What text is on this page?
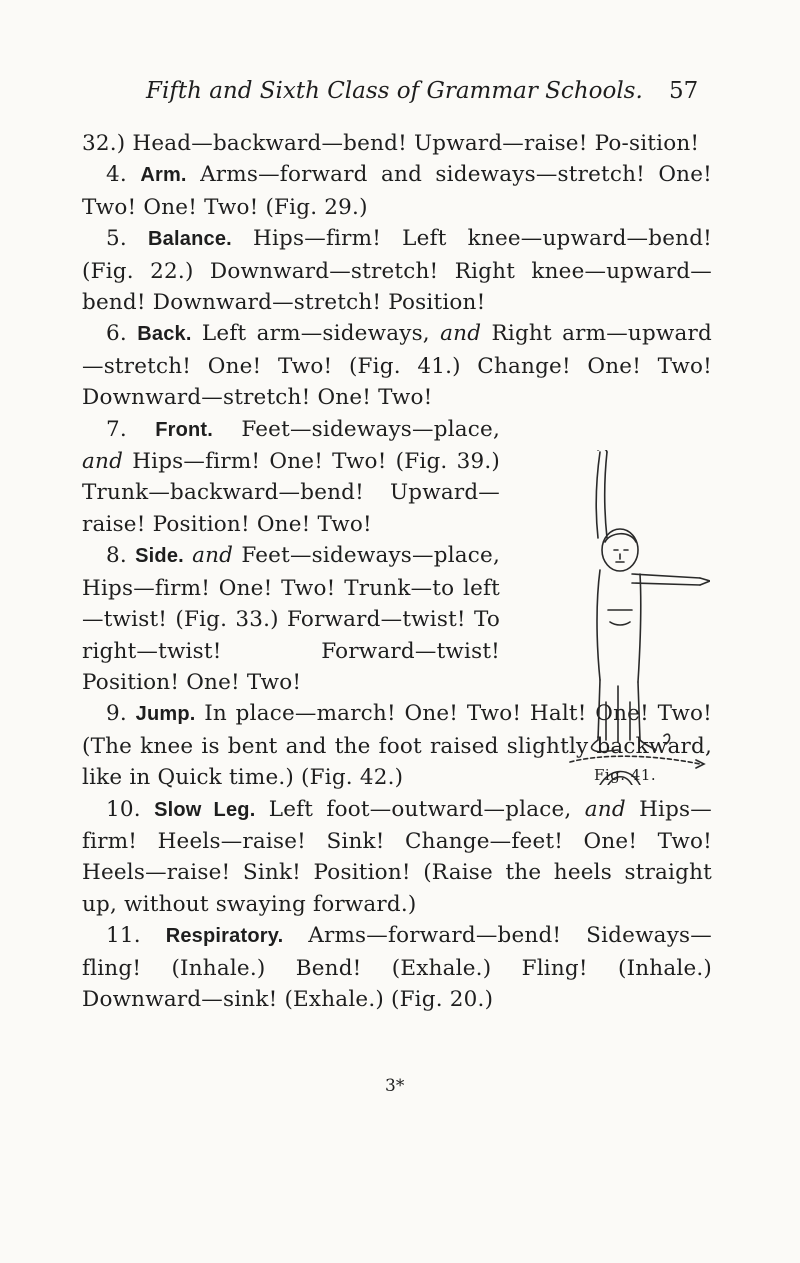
Fifth and Sixth Class of Grammar Schools. 57

32.) Head—backward—bend! Upward—raise! Po-sition!

4. Arm. Arms—forward and sideways—stretch! One! Two! One! Two! (Fig. 29.)

5. Balance. Hips—firm! Left knee—upward—bend! (Fig. 22.) Downward—stretch! Right knee—upward—bend! Downward—stretch! Position!

6. Back. Left arm—sideways, and Right arm—upward—stretch! One! Two! (Fig. 41.) Change! One! Two! Downward—stretch! One! Two!

7. Front. Feet—sideways—place, and Hips—firm! One! Two! (Fig. 39.) Trunk—backward—bend! Upward—raise! Position! One! Two!

8. Side. and Feet—sideways—place, Hips—firm! One! Two! Trunk—to left—twist! (Fig. 33.) Forward—twist! To right—twist! Forward—twist! Position! One! Two!

9. Jump. In place—march! One! Two! Halt! One! Two! (The knee is bent and the foot raised slightly backward, like in Quick time.) (Fig. 42.)

10. Slow Leg. Left foot—outward—place, and Hips—firm! Heels—raise! Sink! Change—feet! One! Two! Heels—raise! Sink! Position! (Raise the heels straight up, without swaying forward.)

11. Respiratory. Arms—forward—bend! Sideways—fling! (Inhale.) Bend! (Exhale.) Fling! (Inhale.) Downward—sink! (Exhale.) (Fig. 20.)

Fig. 41.
3*
